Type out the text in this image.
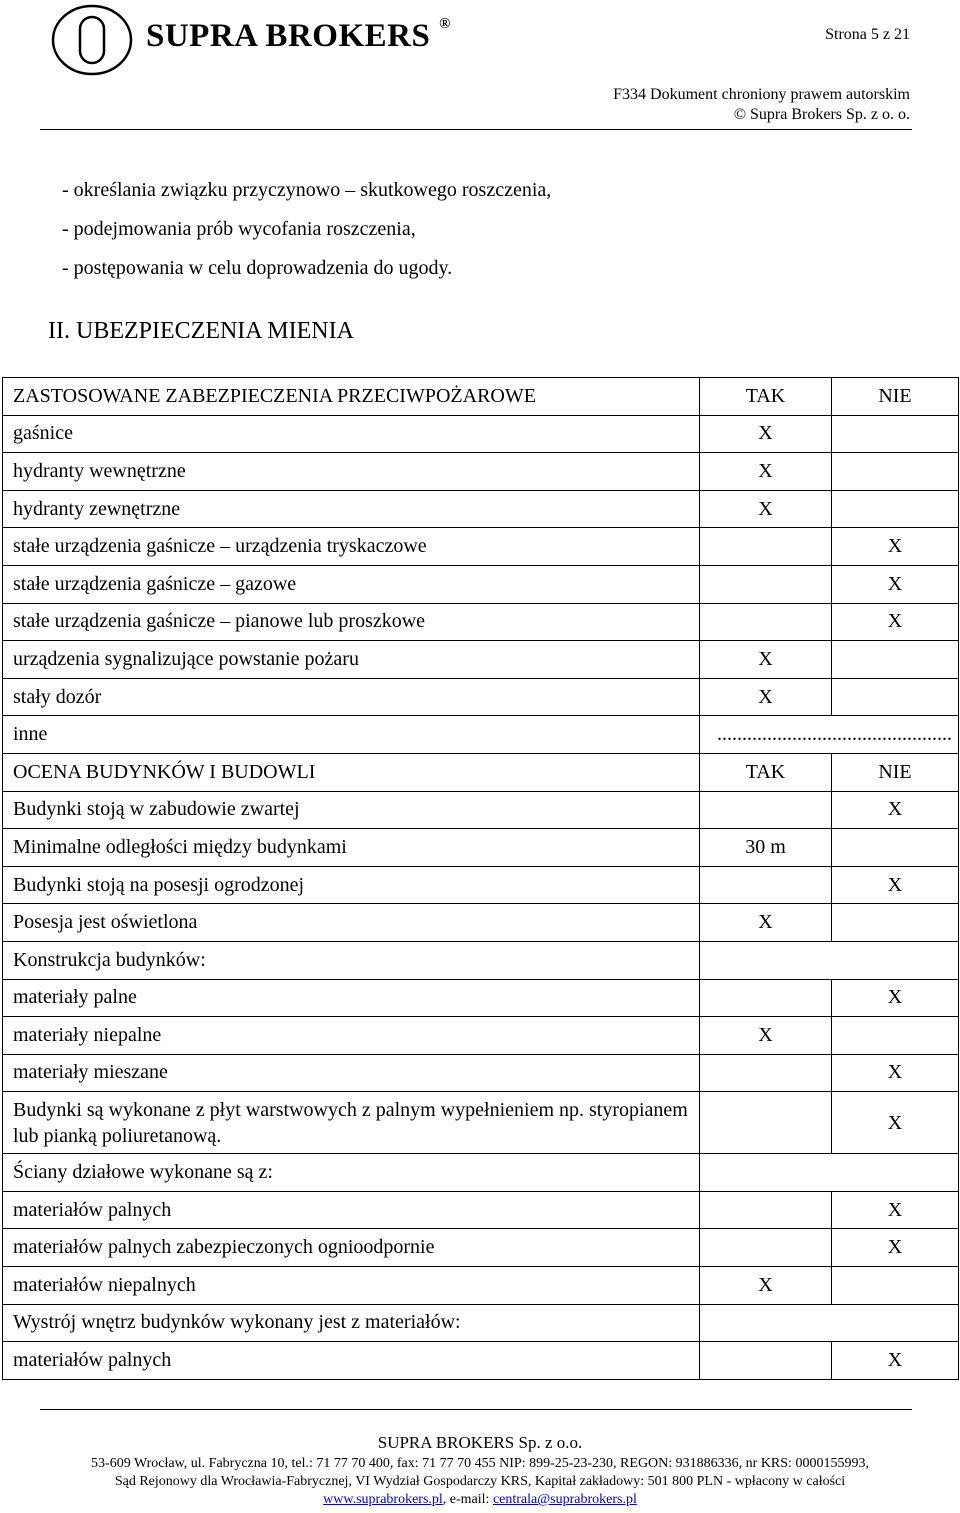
SUPRA BROKERS ®
Strona 5 z 21
F334 Dokument chroniony prawem autorskim
© Supra Brokers Sp. z o. o.
- określania związku przyczynowo – skutkowego roszczenia,
- podejmowania prób wycofania roszczenia,
- postępowania w celu doprowadzenia do ugody.
II. UBEZPIECZENIA MIENIA
ZASTOSOWANE ZABEZPIECZENIA PRZECIWPOŻAROWE	TAK	NIE
gaśnice	X	
hydranty wewnętrzne	X	
hydranty zewnętrzne	X	
stałe urządzenia gaśnicze – urządzenia tryskaczowe		X
stałe urządzenia gaśnicze – gazowe		X
stałe urządzenia gaśnicze – pianowe lub proszkowe		X
urządzenia sygnalizujące powstanie pożaru	X	
stały dozór	X	
inne	...............................................	
OCENA BUDYNKÓW I BUDOWLI	TAK	NIE
Budynki stoją w zabudowie zwartej		X
Minimalne odległości między budynkami	30 m	
Budynki stoją na posesji ogrodzonej		X
Posesja jest oświetlona	X	
Konstrukcja budynków:		
materiały palne		X
materiały niepalne	X	
materiały mieszane		X
Budynki są wykonane z płyt warstwowych z palnym wypełnieniem np. styropianem lub pianką poliuretanową.		X
Ściany działowe wykonane są z:		
materiałów palnych		X
materiałów palnych zabezpieczonych ognioodpornie		X
materiałów niepalnych	X	
Wystrój wnętrz budynków wykonany jest z materiałów:		
materiałów palnych		X
SUPRA BROKERS Sp. z o.o.
53-609 Wrocław, ul. Fabryczna 10, tel.: 71 77 70 400, fax: 71 77 70 455 NIP: 899-25-23-230, REGON: 931886336, nr KRS: 0000155993,
Sąd Rejonowy dla Wrocławia-Fabrycznej, VI Wydział Gospodarczy KRS, Kapitał zakładowy: 501 800 PLN - wpłacony w całości
www.suprabrokers.pl, e-mail: centrala@suprabrokers.pl
